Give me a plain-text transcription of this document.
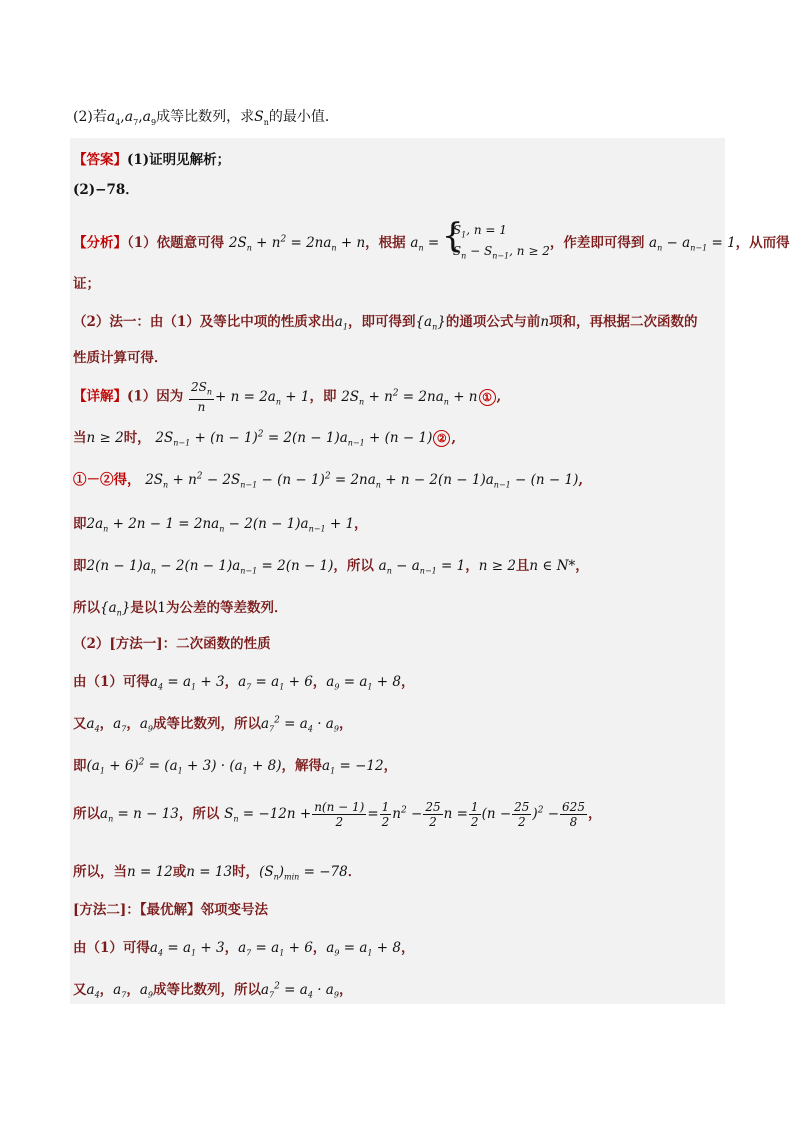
(2)若$a_4,a_7,a_9$成等比数列，求$S_n$的最小值．
【答案】(1)证明见解析；
(2)−78．
【分析】（1）依题意可得 $2S_n + n^2 = 2na_n + n$，根据 $a_n$ =
{ $S_1$, n = 1
$S_n - S_{n-1}$, n ≥ 2
，作差即可得到 $a_n - a_{n-1} = 1$，从而得
证；
（2）法一：由（1）及等比中项的性质求出$a_1$，即可得到$\{a_n\}$的通项公式与前n项和，再根据二次函数的
性质计算可得．
【详解】(1）因为 $\frac{2S_n}{n} + n = 2a_n + 1$，即 $2S_n + n^2 = 2na_n + n$ ① ,
当n ≥ 2时， $2S_{n-1} + (n - 1)^2 = 2(n - 1)a_{n-1} + (n - 1)$ ② ,
①－②得， $2S_n + n^2 - 2S_{n-1} - (n - 1)^2 = 2na_n + n - 2(n - 1)a_{n-1} - (n - 1)$,
即$2a_n + 2n - 1 = 2na_n - 2(n - 1)a_{n-1} + 1$，
即$2(n - 1)a_n - 2(n - 1)a_{n-1} = 2(n - 1)$，所以 $a_n - a_{n-1} = 1$，n ≥ 2且n ∈ N*，
所以$\{a_n\}$是以1为公差的等差数列．
（2）[方法一]：二次函数的性质
由（1）可得$a_4 = a_1 + 3$，$a_7 = a_1 + 6$，$a_9 = a_1 + 8$，
又$a_4$，$a_7$，$a_9$成等比数列，所以$a_7^2 = a_4 \cdot a_9$，
即$(a_1 + 6)^2 = (a_1 + 3) \cdot (a_1 + 8)$，解得$a_1 = -12$，
所以$a_n = n - 13$，所以 $S_n = -12n + \frac{n(n - 1)}{2} = \frac{1}{2} n^2 - \frac{25}{2}$ $n = \frac{1}{2} (n - \frac{25}{2} )^2 - \frac{625}{8}$ ，
所以，当n = 12或n = 13时，$(S_n)_{min} = -78$．
[方法二]：【最优解】邻项变号法
由（1）可得$a_4 = a_1 + 3$，$a_7 = a_1 + 6$，$a_9 = a_1 + 8$，
又$a_4$，$a_7$，$a_9$成等比数列，所以$a_7^2 = a_4 \cdot a_9$，
